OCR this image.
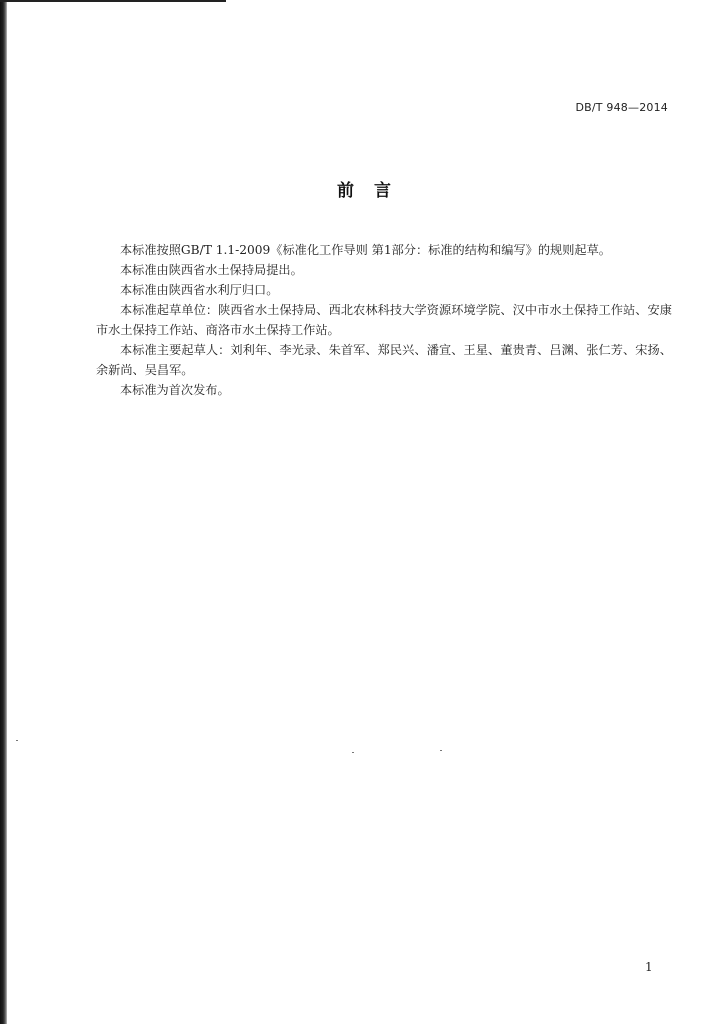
DB/T 948—2014
前言

本标准按照GB/T 1.1-2009《标准化工作导则 第1部分：标准的结构和编写》的规则起草。

本标准由陕西省水土保持局提出。

本标准由陕西省水利厅归口。

本标准起草单位：陕西省水土保持局、西北农林科技大学资源环境学院、汉中市水土保持工作站、安康市水土保持工作站、商洛市水土保持工作站。

本标准主要起草人：刘利年、李光录、朱首军、郑民兴、潘宣、王星、董贵青、吕渊、张仁芳、宋扬、余新尚、吴昌军。

本标准为首次发布。

1
